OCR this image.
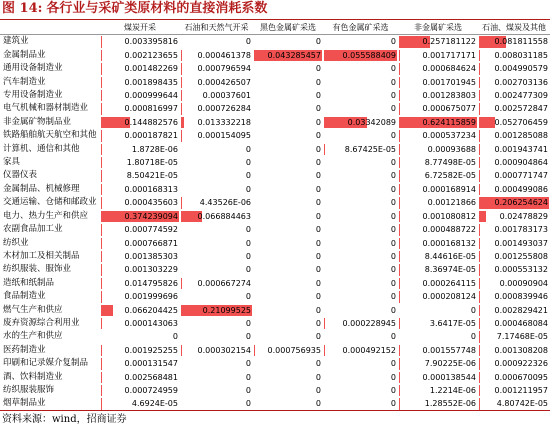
图 14: 各行业与采矿类原材料的直接消耗系数
	煤炭开采	石油和天然气开采	黑色金属矿采选	有色金属矿采选	非金属矿采选	石油、煤炭及其他
建筑业	0.003395816	0	0	0	0.257181122	0.081811558
金属制品业	0.002123655	0.000461378	0.043285457	0.055588409	0.001717171	0.008031185
通用设备制造业	0.001482269	0.000796594	0	0	0.000684624	0.004990579
汽车制造业	0.001898435	0.000426507	0	0	0.001701945	0.002703136
专用设备制造业	0.000999644	0.00037601	0	0	0.001283803	0.002477309
电气机械和器材制造业	0.000816997	0.000726284	0	0	0.000675077	0.002572847
非金属矿物制品业	0.144882576	0.013332218	0	0.03342089	0.624115859	0.052706459
铁路船舶航天航空和其他	0.000187821	0.000154095	0	0	0.000537234	0.001285088
计算机、通信和其他	1.8728E-06	0	0	8.67425E-05	0.00093688	0.001943741
家具	1.80718E-05	0	0	0	8.77498E-05	0.000904864
仪器仪表	8.50421E-05	0	0	0	6.72582E-05	0.000771747
金属制品、机械修理	0.000168313	0	0	0	0.000168914	0.000499086
交通运输、仓储和邮政业	0.000435603	4.43526E-06	0	0	0.00121866	0.206254624
电力、热力生产和供应	0.374239094	0.066884463	0	0	0.001080812	0.02478829
农副食品加工业	0.000774592	0	0	0	0.000488722	0.001783173
纺织业	0.000766871	0	0	0	0.000168132	0.001493037
木材加工及相关制品	0.001385303	0	0	0	8.44616E-05	0.001255808
纺织服装、服饰业	0.001303229	0	0	0	8.36974E-05	0.000553132
造纸和纸制品	0.014795826	0.000667274	0	0	0.000264115	0.00090904
食品制造业	0.001999696	0	0	0	0.000208124	0.000839946
燃气生产和供应	0.066204425	0.21099525	0	0	0	0.002829421
废弃资源综合利用业	0.000143063	0	0	0.000228945	3.6417E-05	0.000468084
水的生产和供应	0	0	0	0	0	7.17468E-05
医药制造业	0.001925255	0.000302154	0.000756935	0.000492152	0.001557748	0.001308208
印刷和记录媒介复制品	0.000131547	0	0	0	7.90225E-06	0.000922326
酒、饮料制造业	0.002568481	0	0	0	0.000138544	0.000670095
纺织服装服饰	0.000724959	0	0	0	1.2214E-06	0.001211957
烟草制品业	4.6924E-05	0	0	0	1.28552E-06	4.80742E-05
资料来源：wind，招商证券
